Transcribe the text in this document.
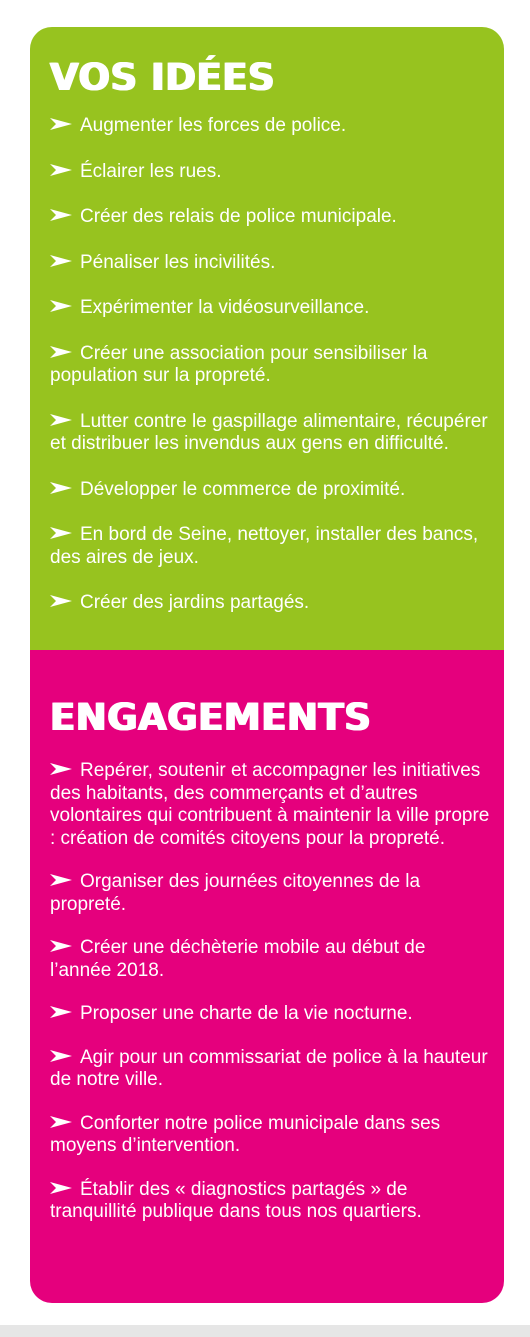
VOS IDÉES
Augmenter les forces de police.
Éclairer les rues.
Créer des relais de police municipale.
Pénaliser les incivilités.
Expérimenter la vidéosurveillance.
Créer une association pour sensibiliser la population sur la propreté.
Lutter contre le gaspillage alimentaire, récupérer et distribuer les invendus aux gens en difficulté.
Développer le commerce de proximité.
En bord de Seine, nettoyer, installer des bancs, des aires de jeux.
Créer des jardins partagés.
ENGAGEMENTS
Repérer, soutenir et accompagner les initiatives des habitants, des commerçants et d’autres volontaires qui contribuent à maintenir la ville propre : création de comités citoyens pour la propreté.
Organiser des journées citoyennes de la propreté.
Créer une déchèterie mobile au début de l’année 2018.
Proposer une charte de la vie nocturne.
Agir pour un commissariat de police à la hauteur de notre ville.
Conforter notre police municipale dans ses moyens d’intervention.
Établir des « diagnostics partagés » de tranquillité publique dans tous nos quartiers.
